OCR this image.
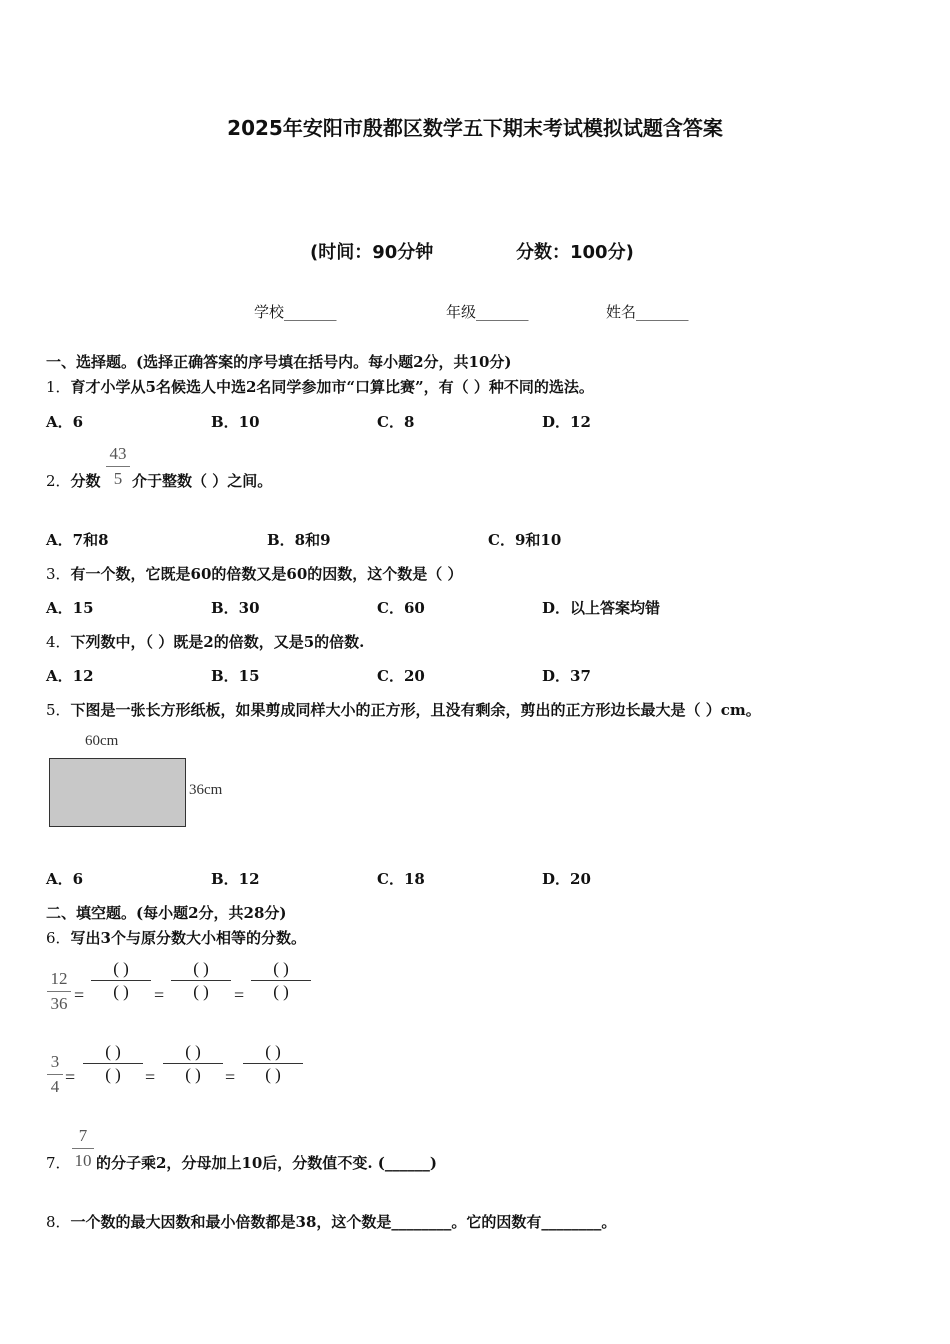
2025年安阳市殷都区数学五下期末考试模拟试题含答案
(时间：90分钟	分数：100分)
学校_______	年级_______	姓名_______
一、选择题。(选择正确答案的序号填在括号内。每小题2分，共10分)
1．育才小学从5名候选人中选2名同学参加市“口算比赛”，有（ ）种不同的选法。
A．6	B．10	C．8	D．12
2．分数
43
5 介于整数（ ）之间。
A．7和8	B．8和9	C．9和10
3．有一个数，它既是60的倍数又是60的因数，这个数是（ ）
A．15	B．30	C．60	D．以上答案均错
4．下列数中，（ ）既是2的倍数，又是5的倍数.
A．12	B．15	C．20	D．37
5．下图是一张长方形纸板，如果剪成同样大小的正方形，且没有剩余，剪出的正方形边长最大是（ ）cm。
60cm
36cm
A．6	B．12	C．18	D．20
二、填空题。(每小题2分，共28分)
6．写出3个与原分数大小相等的分数。
12
36 =
( )
( )	=
( )
( )	=
( )
( )
3
4 =
( )
( )	=
( )
( )	=
( )
( )
7．
7
10 的分子乘2，分母加上10后，分数值不变. (______)
8．一个数的最大因数和最小倍数都是38，这个数是________。它的因数有________。
